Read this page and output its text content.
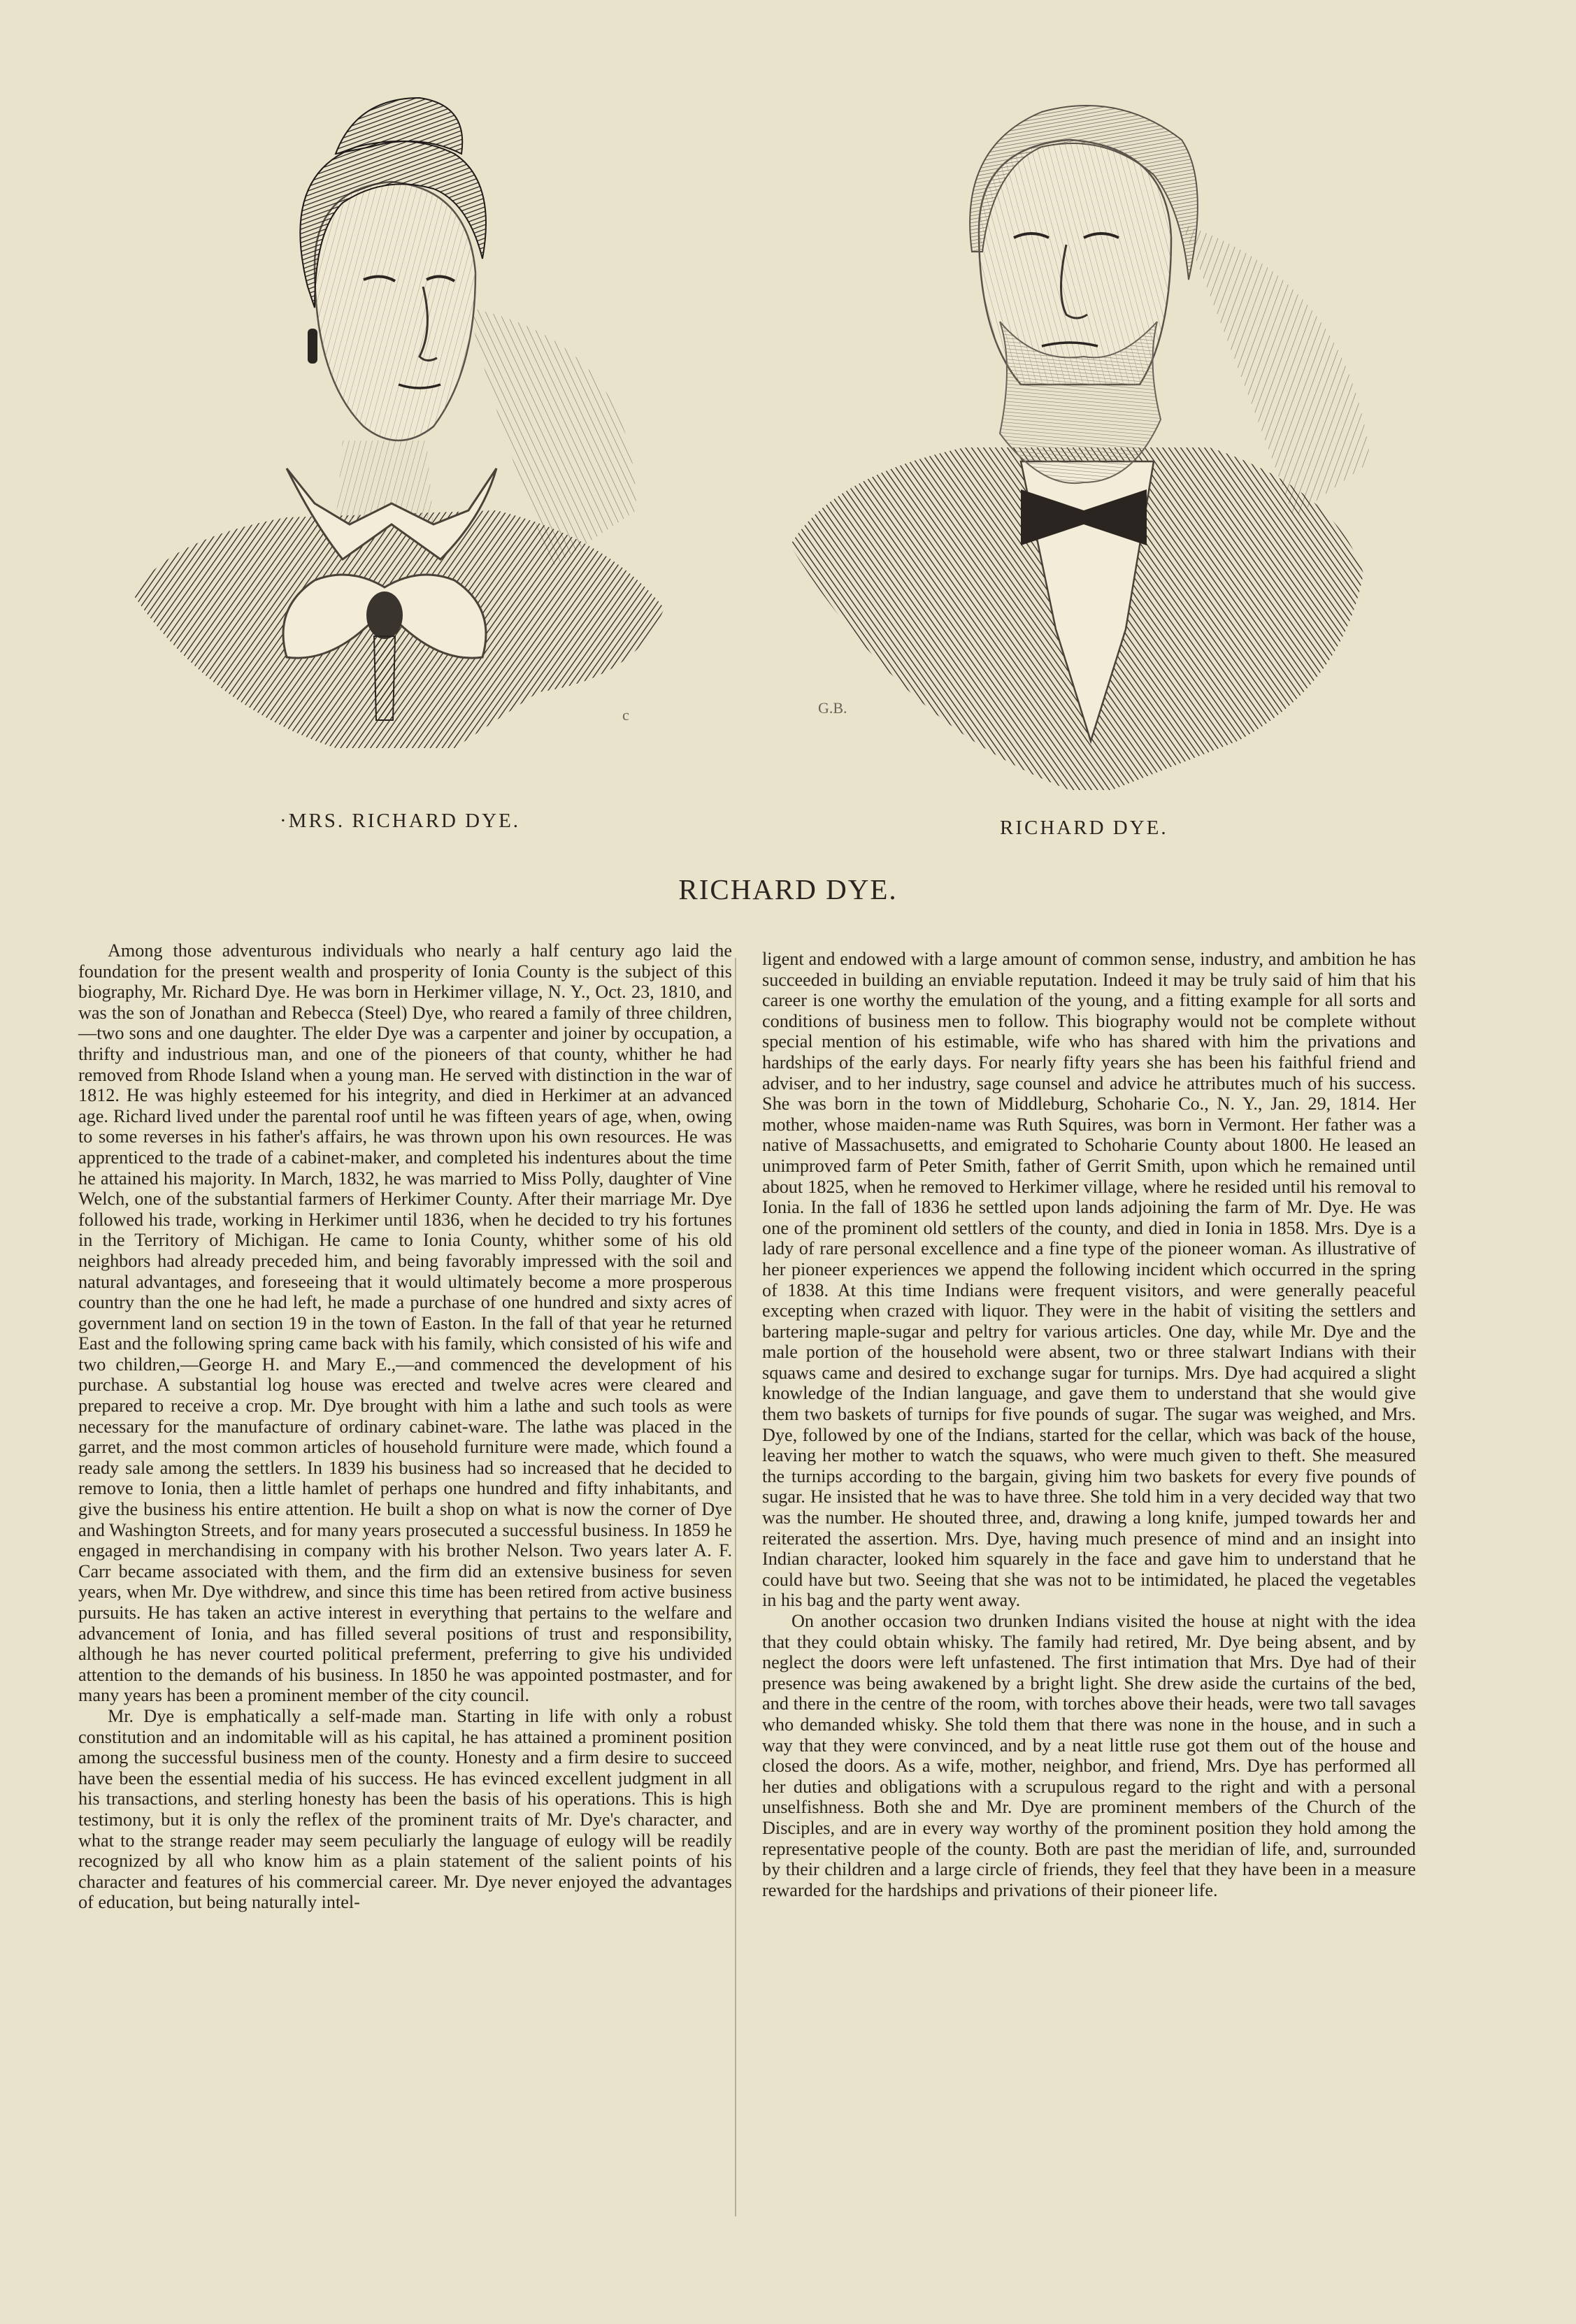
c	G.B.
·MRS. RICHARD DYE.	RICHARD DYE.
RICHARD DYE.

Among those adventurous individuals who nearly a half century ago laid the foundation for the present wealth and prosperity of Ionia County is the subject of this biography, Mr. Richard Dye. He was born in Herkimer village, N. Y., Oct. 23, 1810, and was the son of Jonathan and Rebecca (Steel) Dye, who reared a family of three children,—two sons and one daughter. The elder Dye was a carpenter and joiner by occupation, a thrifty and industrious man, and one of the pioneers of that county, whither he had removed from Rhode Island when a young man. He served with distinction in the war of 1812. He was highly esteemed for his integrity, and died in Herkimer at an advanced age. Richard lived under the parental roof until he was fifteen years of age, when, owing to some reverses in his father's affairs, he was thrown upon his own resources. He was apprenticed to the trade of a cabinet-maker, and completed his indentures about the time he attained his majority. In March, 1832, he was married to Miss Polly, daughter of Vine Welch, one of the substantial farmers of Herkimer County. After their marriage Mr. Dye followed his trade, working in Herkimer until 1836, when he decided to try his fortunes in the Territory of Michigan. He came to Ionia County, whither some of his old neighbors had already preceded him, and being favorably impressed with the soil and natural advantages, and foreseeing that it would ultimately become a more prosperous country than the one he had left, he made a purchase of one hundred and sixty acres of government land on section 19 in the town of Easton. In the fall of that year he returned East and the following spring came back with his family, which consisted of his wife and two children,—George H. and Mary E.,—and commenced the development of his purchase. A substantial log house was erected and twelve acres were cleared and prepared to receive a crop. Mr. Dye brought with him a lathe and such tools as were necessary for the manufacture of ordinary cabinet-ware. The lathe was placed in the garret, and the most common articles of household furniture were made, which found a ready sale among the settlers. In 1839 his business had so increased that he decided to remove to Ionia, then a little hamlet of perhaps one hundred and fifty inhabitants, and give the business his entire attention. He built a shop on what is now the corner of Dye and Washington Streets, and for many years prosecuted a successful business. In 1859 he engaged in merchandising in company with his brother Nelson. Two years later A. F. Carr became associated with them, and the firm did an extensive business for seven years, when Mr. Dye withdrew, and since this time has been retired from active business pursuits. He has taken an active interest in everything that pertains to the welfare and advancement of Ionia, and has filled several positions of trust and responsibility, although he has never courted political preferment, preferring to give his undivided attention to the demands of his business. In 1850 he was appointed postmaster, and for many years has been a prominent member of the city council.

Mr. Dye is emphatically a self-made man. Starting in life with only a robust constitution and an indomitable will as his capital, he has attained a prominent position among the successful business men of the county. Honesty and a firm desire to succeed have been the essential media of his success. He has evinced excellent judgment in all his transactions, and sterling honesty has been the basis of his operations. This is high testimony, but it is only the reflex of the prominent traits of Mr. Dye's character, and what to the strange reader may seem peculiarly the language of eulogy will be readily recognized by all who know him as a plain statement of the salient points of his character and features of his commercial career. Mr. Dye never enjoyed the advantages of education, but being naturally intel-

ligent and endowed with a large amount of common sense, industry, and ambition he has succeeded in building an enviable reputation. Indeed it may be truly said of him that his career is one worthy the emulation of the young, and a fitting example for all sorts and conditions of business men to follow. This biography would not be complete without special mention of his estimable, wife who has shared with him the privations and hardships of the early days. For nearly fifty years she has been his faithful friend and adviser, and to her industry, sage counsel and advice he attributes much of his success. She was born in the town of Middleburg, Schoharie Co., N. Y., Jan. 29, 1814. Her mother, whose maiden-name was Ruth Squires, was born in Vermont. Her father was a native of Massachusetts, and emigrated to Schoharie County about 1800. He leased an unimproved farm of Peter Smith, father of Gerrit Smith, upon which he remained until about 1825, when he removed to Herkimer village, where he resided until his removal to Ionia. In the fall of 1836 he settled upon lands adjoining the farm of Mr. Dye. He was one of the prominent old settlers of the county, and died in Ionia in 1858. Mrs. Dye is a lady of rare personal excellence and a fine type of the pioneer woman. As illustrative of her pioneer experiences we append the following incident which occurred in the spring of 1838. At this time Indians were frequent visitors, and were generally peaceful excepting when crazed with liquor. They were in the habit of visiting the settlers and bartering maple-sugar and peltry for various articles. One day, while Mr. Dye and the male portion of the household were absent, two or three stalwart Indians with their squaws came and desired to exchange sugar for turnips. Mrs. Dye had acquired a slight knowledge of the Indian language, and gave them to understand that she would give them two baskets of turnips for five pounds of sugar. The sugar was weighed, and Mrs. Dye, followed by one of the Indians, started for the cellar, which was back of the house, leaving her mother to watch the squaws, who were much given to theft. She measured the turnips according to the bargain, giving him two baskets for every five pounds of sugar. He insisted that he was to have three. She told him in a very decided way that two was the number. He shouted three, and, drawing a long knife, jumped towards her and reiterated the assertion. Mrs. Dye, having much presence of mind and an insight into Indian character, looked him squarely in the face and gave him to understand that he could have but two. Seeing that she was not to be intimidated, he placed the vegetables in his bag and the party went away.

On another occasion two drunken Indians visited the house at night with the idea that they could obtain whisky. The family had retired, Mr. Dye being absent, and by neglect the doors were left unfastened. The first intimation that Mrs. Dye had of their presence was being awakened by a bright light. She drew aside the curtains of the bed, and there in the centre of the room, with torches above their heads, were two tall savages who demanded whisky. She told them that there was none in the house, and in such a way that they were convinced, and by a neat little ruse got them out of the house and closed the doors. As a wife, mother, neighbor, and friend, Mrs. Dye has performed all her duties and obligations with a scrupulous regard to the right and with a personal unselfishness. Both she and Mr. Dye are prominent members of the Church of the Disciples, and are in every way worthy of the prominent position they hold among the representative people of the county. Both are past the meridian of life, and, surrounded by their children and a large circle of friends, they feel that they have been in a measure rewarded for the hardships and privations of their pioneer life.
